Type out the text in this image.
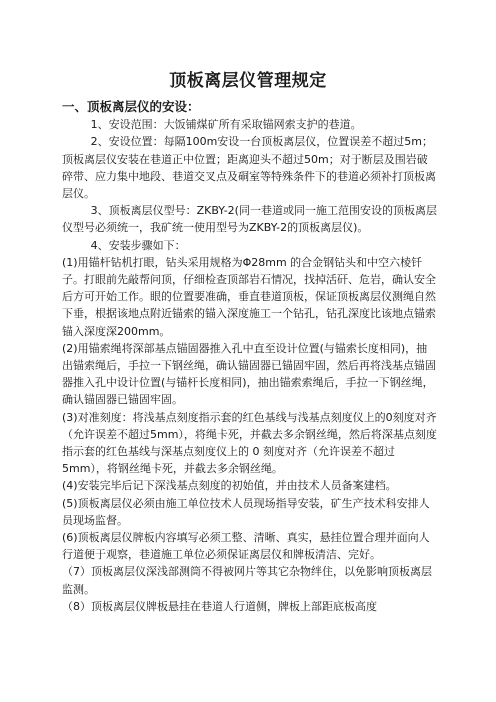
顶板离层仪管理规定
一、顶板离层仪的安设：

1、安设范围：大饭铺煤矿所有采取锚网索支护的巷道。

2、安设位置：每隔100m安设一台顶板离层仪，位置误差不超过5m；顶板离层仪安装在巷道正中位置；距离迎头不超过50m；对于断层及围岩破碎带、应力集中地段、巷道交叉点及硐室等特殊条件下的巷道必须补打顶板离层仪。

3、顶板离层仪型号：ZKBY-2(同一巷道或同一施工范围安设的顶板离层仪型号必须统一，我矿统一使用型号为ZKBY-2的顶板离层仪)。

4、安装步骤如下：

(1)用锚杆钻机打眼，钻头采用规格为Φ28mm 的合金钢钻头和中空六棱钎子。打眼前先敲帮问顶，仔细检查顶部岩石情况，找掉活矸、危岩，确认安全后方可开始工作。眼的位置要准确，垂直巷道顶板，保证顶板离层仪测绳自然下垂，根据该地点附近锚索的锚入深度施工一个钻孔，钻孔深度比该地点锚索锚入深度深200mm。

(2)用锚索绳将深部基点锚固器推入孔中直至设计位置(与锚索长度相同)，抽出锚索绳后，手拉一下钢丝绳，确认锚固器已锚固牢固，然后再将浅基点锚固器推入孔中设计位置(与锚杆长度相同)，抽出锚索索绳后，手拉一下钢丝绳，确认锚固器已锚固牢固。

(3)对准刻度：将浅基点刻度指示套的红色基线与浅基点刻度仪上的0刻度对齐（允许误差不超过5mm），将绳卡死，并截去多余钢丝绳，然后将深基点刻度指示套的红色基线与深基点刻度仪上的 0 刻度对齐（允许误差不超过5mm），将钢丝绳卡死，并截去多余钢丝绳。

(4)安装完毕后记下深浅基点刻度的初始值，并由技术人员备案建档。

(5)顶板离层仪必须由施工单位技术人员现场指导安装，矿生产技术科安排人员现场监督。

(6)顶板离层仪牌板内容填写必须工整、清晰、真实，悬挂位置合理并面向人行道便于观察，巷道施工单位必须保证离层仪和牌板清洁、完好。

（7）顶板离层仪深浅部测筒不得被网片等其它杂物绊住，以免影响顶板离层监测。

（8）顶板离层仪牌板悬挂在巷道人行道侧，牌板上部距底板高度
